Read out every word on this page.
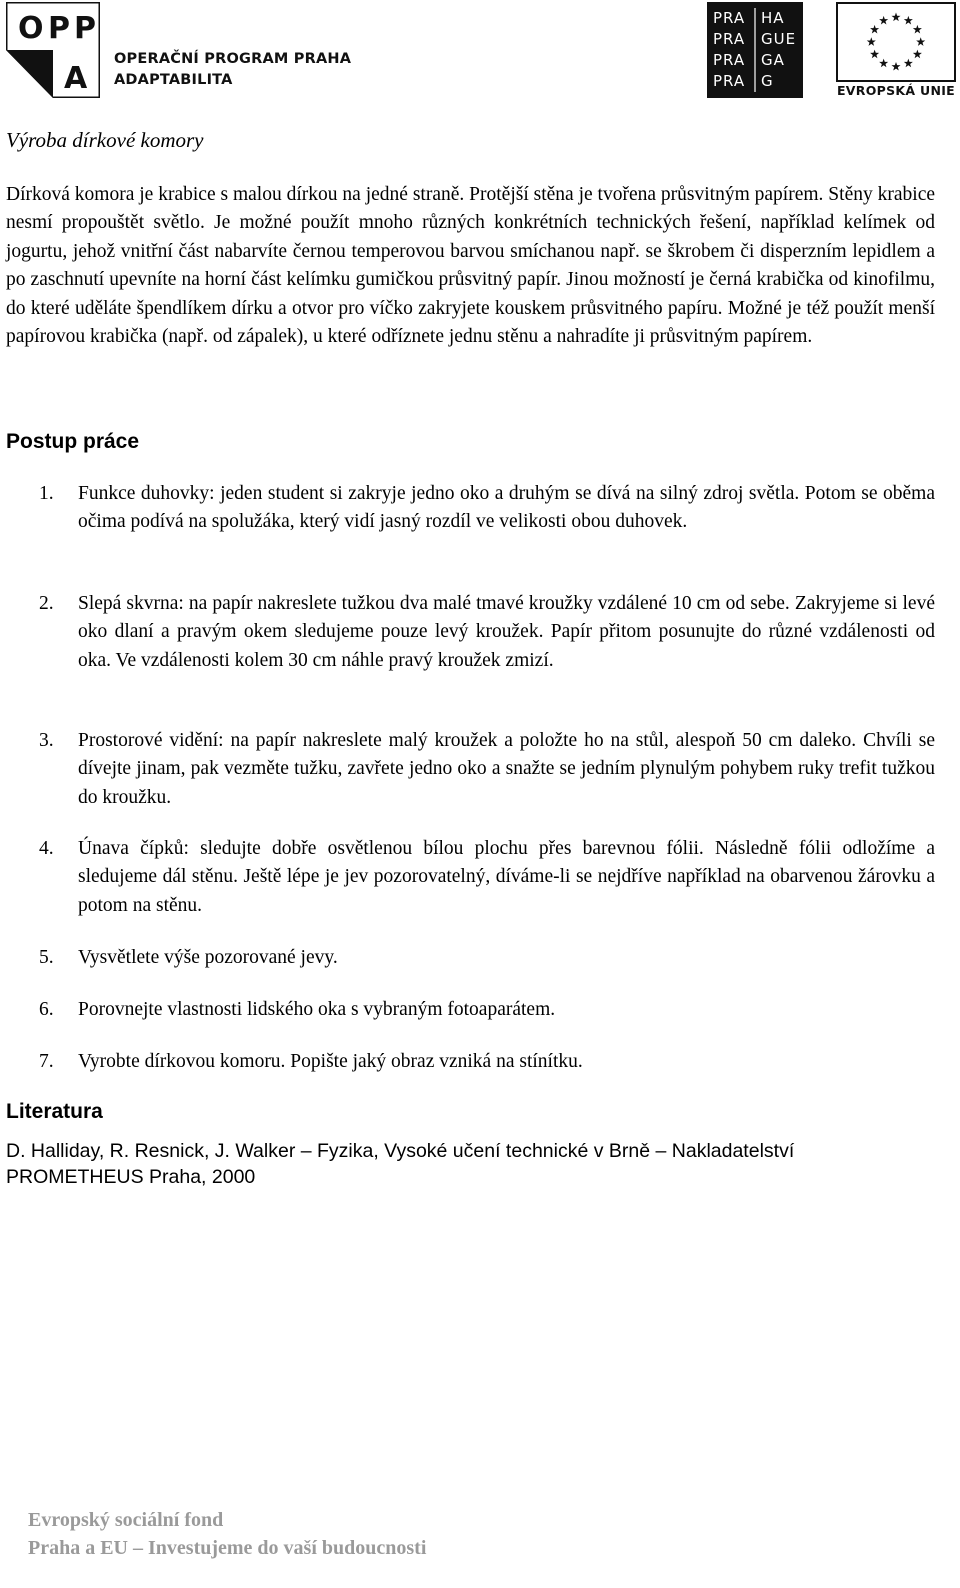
O P P
A
OPERAČNÍ PROGRAM PRAHA
ADAPTABILITA
PRA HA
PRA GUE
PRA GA
PRA G
EVROPSKÁ UNIE
Výroba dírkové komory

Dírková komora je krabice s malou dírkou na jedné straně. Protější stěna je tvořena průsvitným papírem. Stěny krabice nesmí propouštět světlo. Je možné použít mnoho různých konkrétních technických řešení, například kelímek od jogurtu, jehož vnitřní část nabarvíte černou temperovou barvou smíchanou např. se škrobem či disperzním lepidlem a po zaschnutí upevníte na horní část kelímku gumičkou průsvitný papír. Jinou možností je černá krabička od kinofilmu, do které uděláte špendlíkem dírku a otvor pro víčko zakryjete kouskem průsvitného papíru. Možné je též použít menší papírovou krabička (např. od zápalek), u které odříznete jednu stěnu a nahradíte ji průsvitným papírem.

Postup práce
1. Funkce duhovky: jeden student si zakryje jedno oko a druhým se dívá na silný zdroj světla. Potom se oběma očima podívá na spolužáka, který vidí jasný rozdíl ve velikosti obou duhovek.
2. Slepá skvrna: na papír nakreslete tužkou dva malé tmavé kroužky vzdálené 10 cm od sebe. Zakryjeme si levé oko dlaní a pravým okem sledujeme pouze levý kroužek. Papír přitom posunujte do různé vzdálenosti od oka. Ve vzdálenosti kolem 30 cm náhle pravý kroužek zmizí.
3. Prostorové vidění: na papír nakreslete malý kroužek a položte ho na stůl, alespoň 50 cm daleko. Chvíli se dívejte jinam, pak vezměte tužku, zavřete jedno oko a snažte se jedním plynulým pohybem ruky trefit tužkou do kroužku.
4. Únava čípků: sledujte dobře osvětlenou bílou plochu přes barevnou fólii. Následně fólii odložíme a sledujeme dál stěnu. Ještě lépe je jev pozorovatelný, díváme-li se nejdříve například na obarvenou žárovku a potom na stěnu.
5. Vysvětlete výše pozorované jevy.
6. Porovnejte vlastnosti lidského oka s vybraným fotoaparátem.
7. Vyrobte dírkovou komoru. Popište jaký obraz vzniká na stínítku.
Literatura
D. Halliday, R. Resnick, J. Walker – Fyzika, Vysoké učení technické v Brně – Nakladatelství
PROMETHEUS Praha, 2000
Evropský sociální fond
Praha a EU – Investujeme do vaší budoucnosti
